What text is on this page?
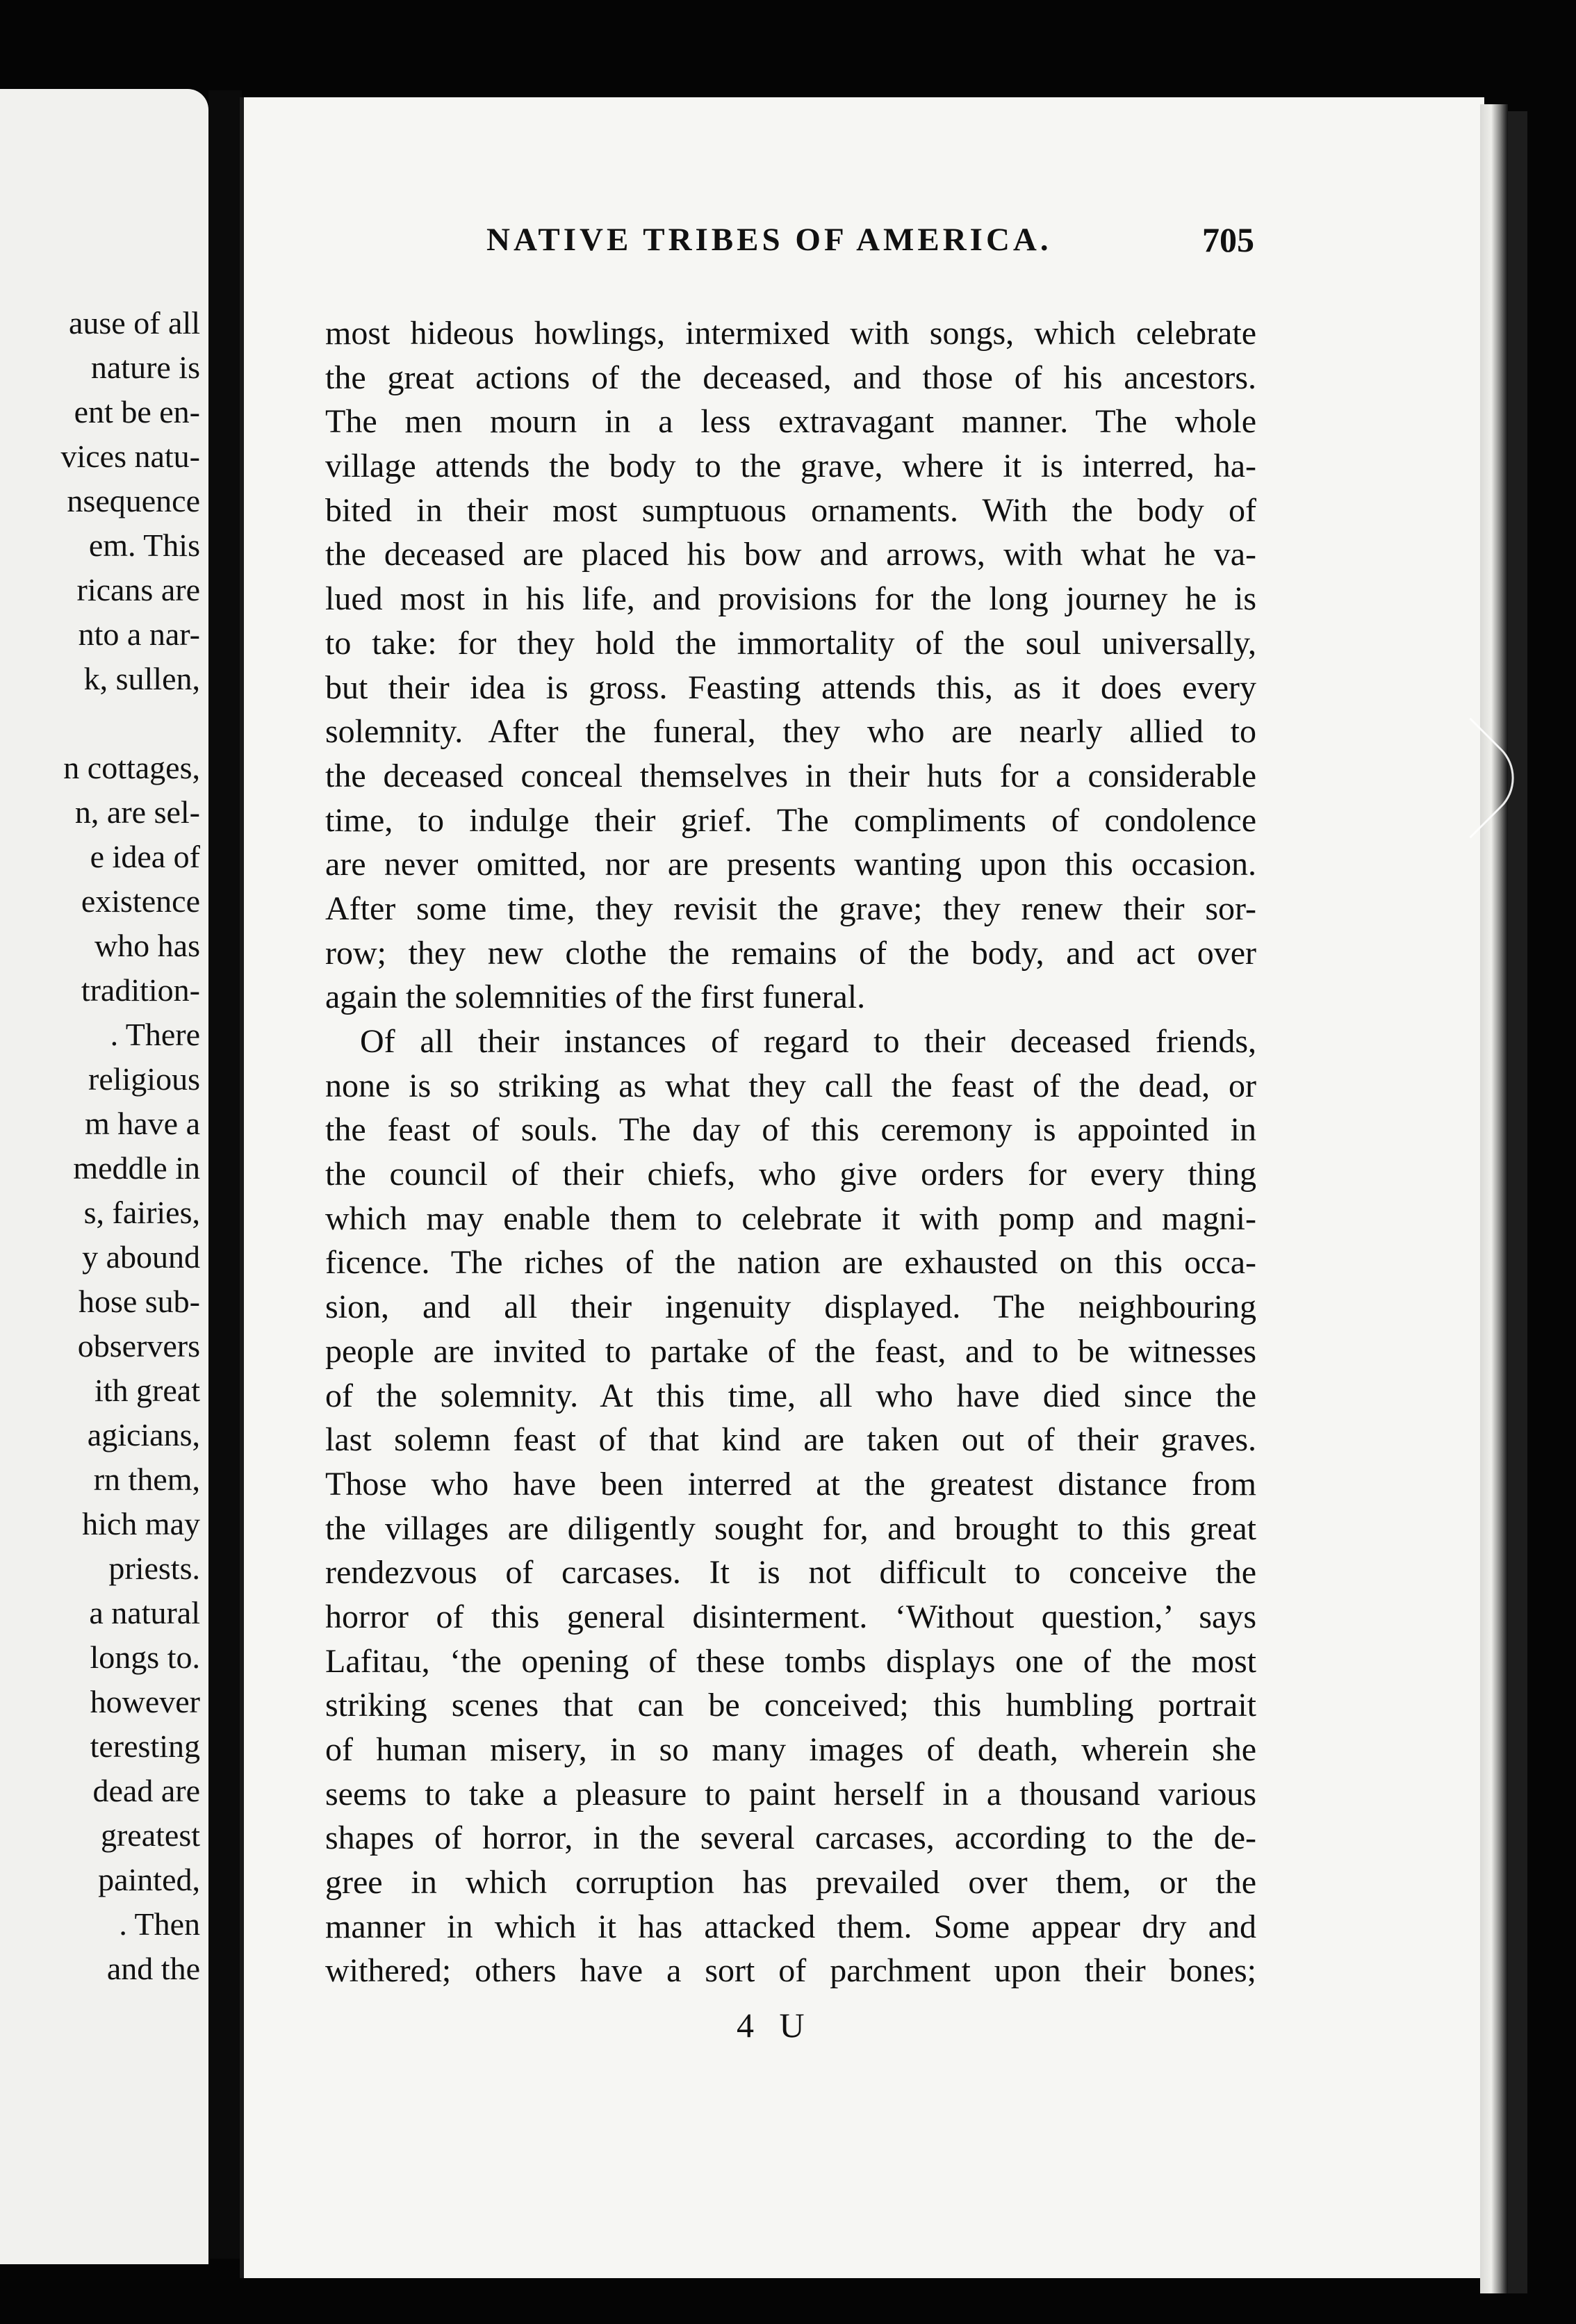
ause of all
nature is
ent be en-
vices natu-
nsequence
em. This
ricans are
nto a nar-
k, sullen,
n cottages,
n, are sel-
e idea of
existence
who has
tradition-
. There
religious
m have a
meddle in
s, fairies,
y abound
hose sub-
observers
ith great
agicians,
rn them,
hich may
priests.
a natural
longs to.
however
teresting
dead are
greatest
painted,
. Then
and the
NATIVE TRIBES OF AMERICA.	705
most hideous howlings, intermixed with songs, which celebrate
the great actions of the deceased, and those of his ancestors.
The men mourn in a less extravagant manner. The whole
village attends the body to the grave, where it is interred, ha-
bited in their most sumptuous ornaments. With the body of
the deceased are placed his bow and arrows, with what he va-
lued most in his life, and provisions for the long journey he is
to take: for they hold the immortality of the soul universally,
but their idea is gross. Feasting attends this, as it does every
solemnity. After the funeral, they who are nearly allied to
the deceased conceal themselves in their huts for a considerable
time, to indulge their grief. The compliments of condolence
are never omitted, nor are presents wanting upon this occasion.
After some time, they revisit the grave; they renew their sor-
row; they new clothe the remains of the body, and act over
again the solemnities of the first funeral.
Of all their instances of regard to their deceased friends,
none is so striking as what they call the feast of the dead, or
the feast of souls. The day of this ceremony is appointed in
the council of their chiefs, who give orders for every thing
which may enable them to celebrate it with pomp and magni-
ficence. The riches of the nation are exhausted on this occa-
sion, and all their ingenuity displayed. The neighbouring
people are invited to partake of the feast, and to be witnesses
of the solemnity. At this time, all who have died since the
last solemn feast of that kind are taken out of their graves.
Those who have been interred at the greatest distance from
the villages are diligently sought for, and brought to this great
rendezvous of carcases. It is not difficult to conceive the
horror of this general disinterment. ‘Without question,’ says
Lafitau, ‘the opening of these tombs displays one of the most
striking scenes that can be conceived; this humbling portrait
of human misery, in so many images of death, wherein she
seems to take a pleasure to paint herself in a thousand various
shapes of horror, in the several carcases, according to the de-
gree in which corruption has prevailed over them, or the
manner in which it has attacked them. Some appear dry and
withered; others have a sort of parchment upon their bones;
4 U
